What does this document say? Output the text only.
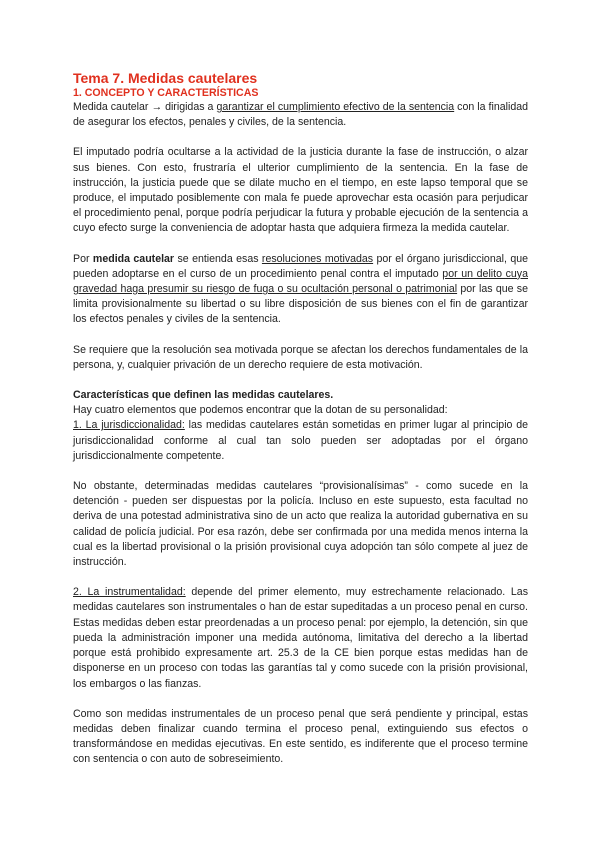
Tema 7. Medidas cautelares
1. CONCEPTO Y CARACTERÍSTICAS

Medida cautelar → dirigidas a garantizar el cumplimiento efectivo de la sentencia con la finalidad de asegurar los efectos, penales y civiles, de la sentencia.

El imputado podría ocultarse a la actividad de la justicia durante la fase de instrucción, o alzar sus bienes. Con esto, frustraría el ulterior cumplimiento de la sentencia. En la fase de instrucción, la justicia puede que se dilate mucho en el tiempo, en este lapso temporal que se produce, el imputado posiblemente con mala fe puede aprovechar esta ocasión para perjudicar el procedimiento penal, porque podría perjudicar la futura y probable ejecución de la sentencia a cuyo efecto surge la conveniencia de adoptar hasta que adquiera firmeza la medida cautelar.

Por medida cautelar se entienda esas resoluciones motivadas por el órgano jurisdiccional, que pueden adoptarse en el curso de un procedimiento penal contra el imputado por un delito cuya gravedad haga presumir su riesgo de fuga o su ocultación personal o patrimonial por las que se limita provisionalmente su libertad o su libre disposición de sus bienes con el fin de garantizar los efectos penales y civiles de la sentencia.

Se requiere que la resolución sea motivada porque se afectan los derechos fundamentales de la persona, y, cualquier privación de un derecho requiere de esta motivación.

Características que definen las medidas cautelares.

Hay cuatro elementos que podemos encontrar que la dotan de su personalidad:

1. La jurisdiccionalidad: las medidas cautelares están sometidas en primer lugar al principio de jurisdiccionalidad conforme al cual tan solo pueden ser adoptadas por el órgano jurisdiccionalmente competente.

No obstante, determinadas medidas cautelares “provisionalísimas” - como sucede en la detención - pueden ser dispuestas por la policía. Incluso en este supuesto, esta facultad no deriva de una potestad administrativa sino de un acto que realiza la autoridad gubernativa en su calidad de policía judicial. Por esa razón, debe ser confirmada por una medida menos interna la cual es la libertad provisional o la prisión provisional cuya adopción tan sólo compete al juez de instrucción.

2. La instrumentalidad: depende del primer elemento, muy estrechamente relacionado. Las medidas cautelares son instrumentales o han de estar supeditadas a un proceso penal en curso. Estas medidas deben estar preordenadas a un proceso penal: por ejemplo, la detención, sin que pueda la administración imponer una medida autónoma, limitativa del derecho a la libertad porque está prohibido expresamente art. 25.3 de la CE bien porque estas medidas han de disponerse en un proceso con todas las garantías tal y como sucede con la prisión provisional, los embargos o las fianzas.

Como son medidas instrumentales de un proceso penal que será pendiente y principal, estas medidas deben finalizar cuando termina el proceso penal, extinguiendo sus efectos o transformándose en medidas ejecutivas. En este sentido, es indiferente que el proceso termine con sentencia o con auto de sobreseimiento.
